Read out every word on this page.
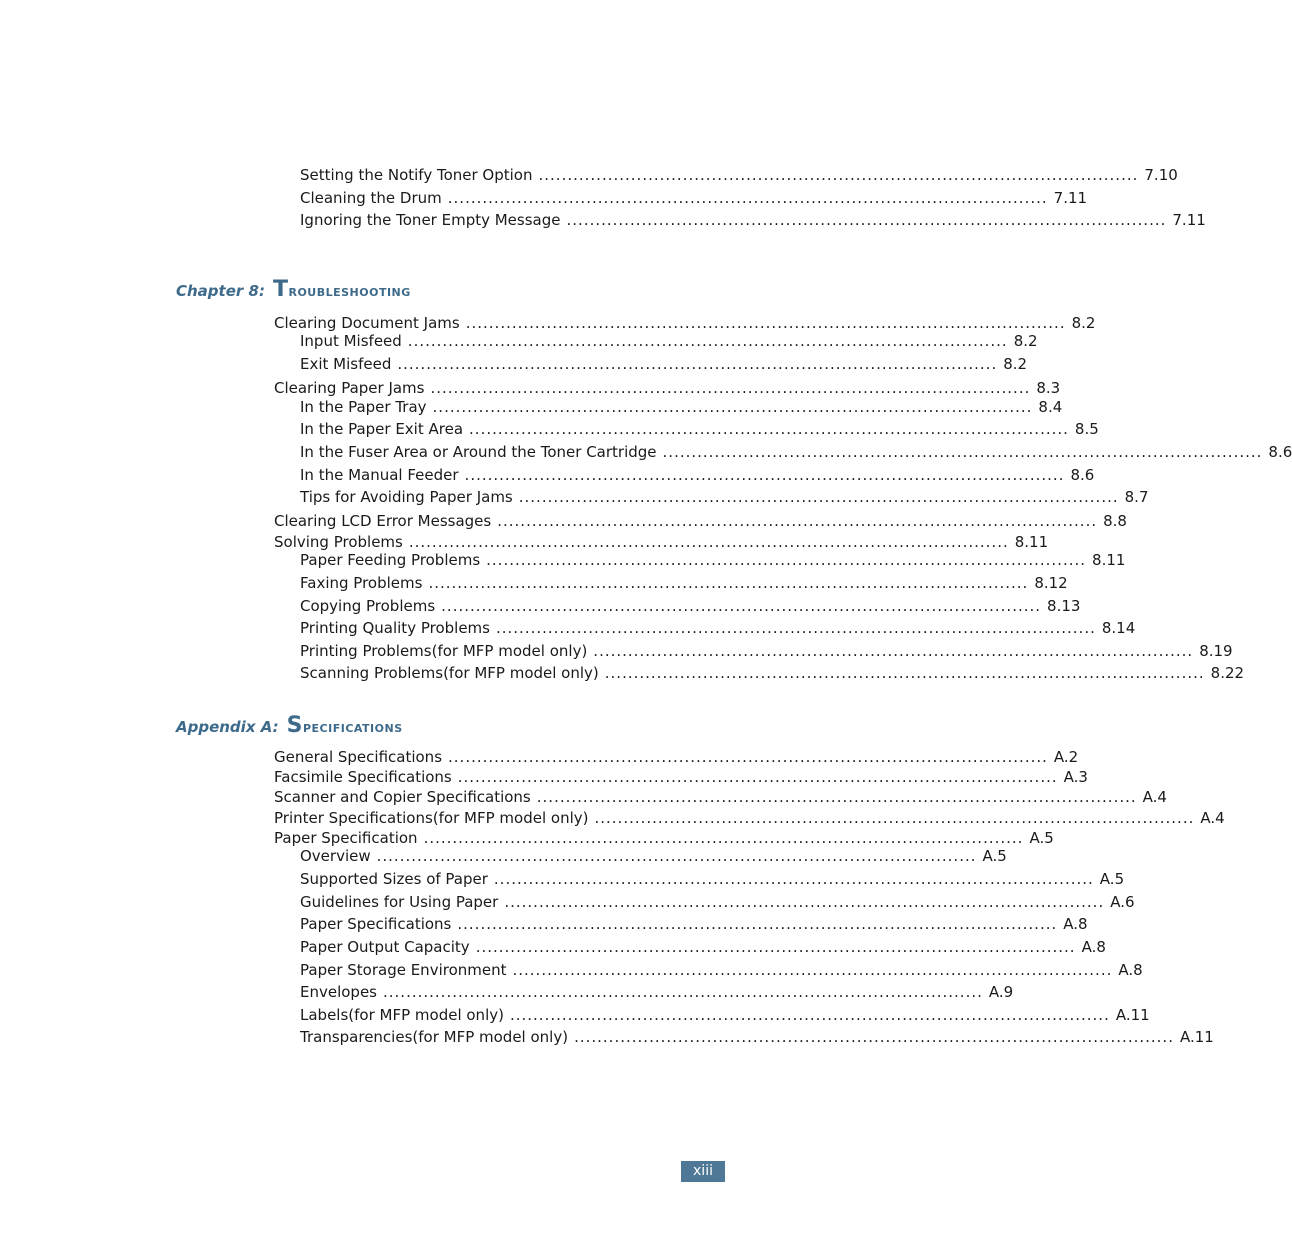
Setting the Notify Toner Option ........................................................................................................ 7.10
Cleaning the Drum ........................................................................................................ 7.11
Ignoring the Toner Empty Message ........................................................................................................ 7.11
Chapter 8: Troubleshooting
Clearing Document Jams ........................................................................................................ 8.2
Input Misfeed ........................................................................................................ 8.2
Exit Misfeed ........................................................................................................ 8.2
Clearing Paper Jams ........................................................................................................ 8.3
In the Paper Tray ........................................................................................................ 8.4
In the Paper Exit Area ........................................................................................................ 8.5
In the Fuser Area or Around the Toner Cartridge ........................................................................................................ 8.6
In the Manual Feeder ........................................................................................................ 8.6
Tips for Avoiding Paper Jams ........................................................................................................ 8.7
Clearing LCD Error Messages ........................................................................................................ 8.8
Solving Problems ........................................................................................................ 8.11
Paper Feeding Problems ........................................................................................................ 8.11
Faxing Problems ........................................................................................................ 8.12
Copying Problems ........................................................................................................ 8.13
Printing Quality Problems ........................................................................................................ 8.14
Printing Problems(for MFP model only) ........................................................................................................ 8.19
Scanning Problems(for MFP model only) ........................................................................................................ 8.22
Appendix A: Specifications
General Specifications ........................................................................................................ A.2
Facsimile Specifications ........................................................................................................ A.3
Scanner and Copier Specifications ........................................................................................................ A.4
Printer Specifications(for MFP model only) ........................................................................................................ A.4
Paper Specification ........................................................................................................ A.5
Overview ........................................................................................................ A.5
Supported Sizes of Paper ........................................................................................................ A.5
Guidelines for Using Paper ........................................................................................................ A.6
Paper Specifications ........................................................................................................ A.8
Paper Output Capacity ........................................................................................................ A.8
Paper Storage Environment ........................................................................................................ A.8
Envelopes ........................................................................................................ A.9
Labels(for MFP model only) ........................................................................................................ A.11
Transparencies(for MFP model only) ........................................................................................................ A.11
xiii
